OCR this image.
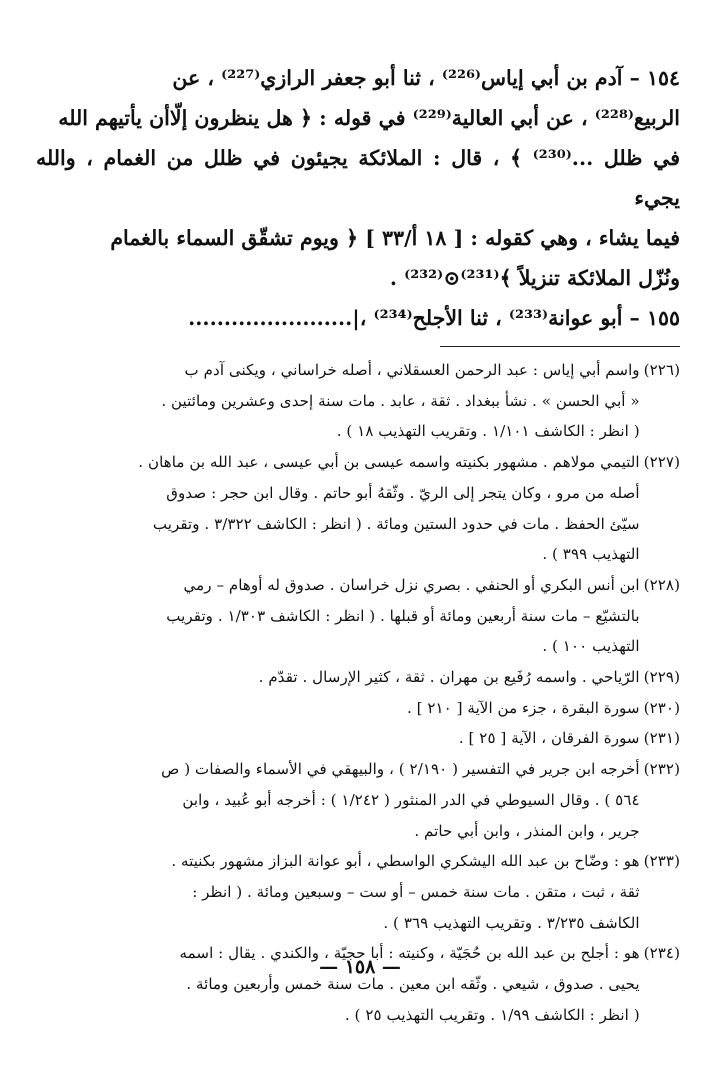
١٥٤ – آدم بن أبي إياس⁽²²⁶⁾ ، ثنا أبو جعفر الرازي⁽²²⁷⁾ ، عن
الربيع⁽²²⁸⁾ ، عن أبي العالية⁽²²⁹⁾ في قوله : ﴿ هل ينظرون إلّاأن يأتيهم الله
في ظلل ...⁽²³⁰⁾ ﴾ ، قال : الملائكة يجيئون في ظلل من الغمام ، والله يجيء
فيما يشاء ، وهي كقوله : [ ١٨ أ/٣٣ ] ﴿ ويوم تشقّق السماء بالغمام
ونُزّل الملائكة تنزيلاً ﴾⁽²³¹⁾⊙⁽²³²⁾ .

١٥٥ – أبو عوانة⁽²³³⁾ ، ثنا الأجلح⁽²³⁴⁾ ،|.......................

(٢٢٦)
واسم أبي إياس : عبد الرحمن العسقلاني ، أصله خراساني ، ويكنى آدم ب
« أبي الحسن » . نشأ ببغداد . ثقة ، عابد . مات سنة إحدى وعشرين ومائتين .
( انظر : الكاشف ١/١٠١ . وتقريب التهذيب ١٨ ) .
(٢٢٧)
التيمي مولاهم . مشهور بكنيته واسمه عيسى بن أبي عيسى ، عبد الله بن ماهان .
أصله من مرو ، وكان يتجر إلى الريّ . وثّقهُ أبو حاتم . وقال ابن حجر : صدوق
سيّئ الحفظ . مات في حدود الستين ومائة . ( انظر : الكاشف ٣/٣٢٢ . وتقريب
التهذيب ٣٩٩ ) .
(٢٢٨)
ابن أنس البكري أو الحنفي . بصري نزل خراسان . صدوق له أوهام – رمي
بالتشيّع – مات سنة أربعين ومائة أو قبلها . ( انظر : الكاشف ١/٣٠٣ . وتقريب
التهذيب ١٠٠ ) .
(٢٢٩)
الرّياحي . واسمه رُفَيع بن مهران . ثقة ، كثير الإرسال . تقدّم .
(٢٣٠)
سورة البقرة ، جزء من الآية [ ٢١٠ ] .
(٢٣١)
سورة الفرقان ، الآية [ ٢٥ ] .
(٢٣٢)
أخرجه ابن جرير في التفسير ( ٢/١٩٠ ) ، والبيهقي في الأسماء والصفات ( ص
٥٦٤ ) . وقال السيوطي في الدر المنثور ( ١/٢٤٢ ) : أخرجه أبو عُبيد ، وابن
جرير ، وابن المنذر ، وابن أبي حاتم .
(٢٣٣)
هو : وضّاح بن عبد الله اليشكري الواسطي ، أبو عوانة البزاز مشهور بكنيته .
ثقة ، ثبت ، متقن . مات سنة خمس – أو ست – وسبعين ومائة . ( انظر :
الكاشف ٣/٢٣٥ . وتقريب التهذيب ٣٦٩ ) .
(٢٣٤)
هو : أجلح بن عبد الله بن حُجَيّة ، وكنيته : أبا حجيّة ، والكندي . يقال : اسمه
يحيى . صدوق ، شيعي . وثّقه ابن معين . مات سنة خمس وأربعين ومائة .
( انظر : الكاشف ١/٩٩ . وتقريب التهذيب ٢٥ ) .
— ١٥٨ —
